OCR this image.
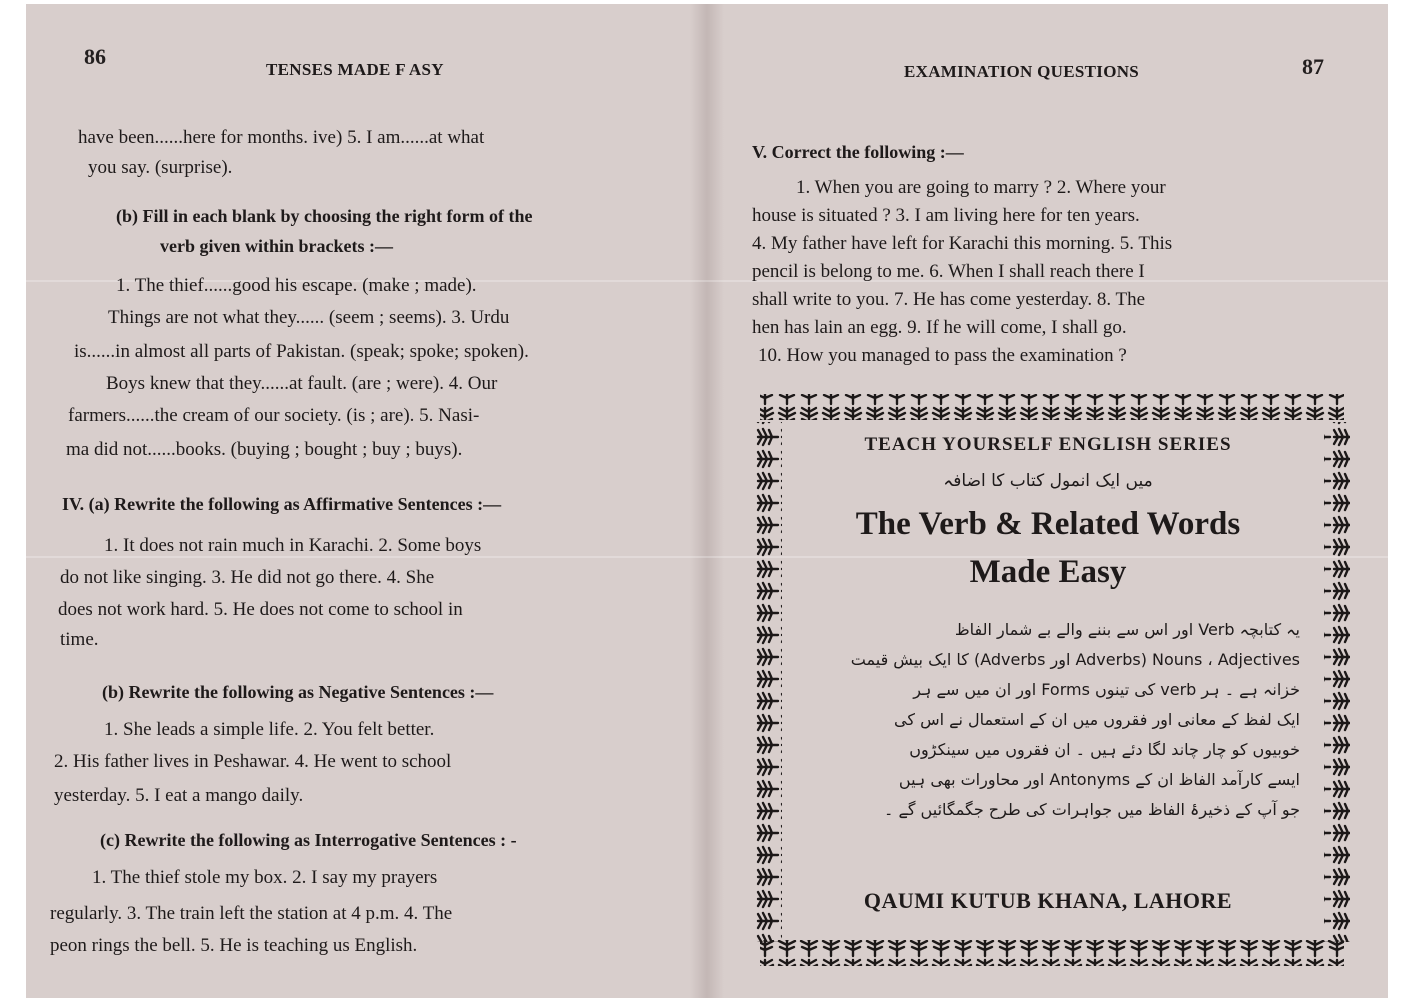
86
TENSES MADE F ASY
have been......here for months. ive) 5. I am......at what
you say. (surprise).
(b) Fill in each blank by choosing the right form of the
verb given within brackets :—
1. The thief......good his escape. (make ; made).
Things are not what they...... (seem ; seems). 3. Urdu
is......in almost all parts of Pakistan. (speak; spoke; spoken).
Boys knew that they......at fault. (are ; were). 4. Our
farmers......the cream of our society. (is ; are). 5. Nasi-
ma did not......books. (buying ; bought ; buy ; buys).
IV. (a) Rewrite the following as Affirmative Sentences :—
1. It does not rain much in Karachi. 2. Some boys
do not like singing. 3. He did not go there. 4. She
does not work hard. 5. He does not come to school in
time.
(b) Rewrite the following as Negative Sentences :—
1. She leads a simple life. 2. You felt better.
2. His father lives in Peshawar. 4. He went to school
yesterday. 5. I eat a mango daily.
(c) Rewrite the following as Interrogative Sentences : -
1. The thief stole my box. 2. I say my prayers
regularly. 3. The train left the station at 4 p.m. 4. The
peon rings the bell. 5. He is teaching us English.
EXAMINATION QUESTIONS	87
V. Correct the following :—
1. When you are going to marry ? 2. Where your
house is situated ? 3. I am living here for ten years.
4. My father have left for Karachi this morning. 5. This
pencil is belong to me. 6. When I shall reach there I
shall write to you. 7. He has come yesterday. 8. The
hen has lain an egg. 9. If he will come, I shall go.
10. How you managed to pass the examination ?
TEACH YOURSELF ENGLISH SERIES
میں ایک انمول کتاب کا اضافہ
The Verb & Related Words
Made Easy
یہ کتابچہ Verb اور اس سے بننے والے بے شمار الفاظ
Adverbs) Nouns ، Adjectives اور Adverbs) کا ایک بیش قیمت
خزانہ ہے ۔ ہر verb کی تینوں Forms اور ان میں سے ہر
ایک لفظ کے معانی اور فقروں میں ان کے استعمال نے اس کی
خوبیوں کو چار چاند لگا دئے ہیں ۔ ان فقروں میں سینکڑوں
ایسے کارآمد الفاظ ان کے Antonyms اور محاورات بھی ہیں
جو آپ کے ذخیرۂ الفاظ میں جواہرات کی طرح جگمگائیں گے ۔
QAUMI KUTUB KHANA, LAHORE
